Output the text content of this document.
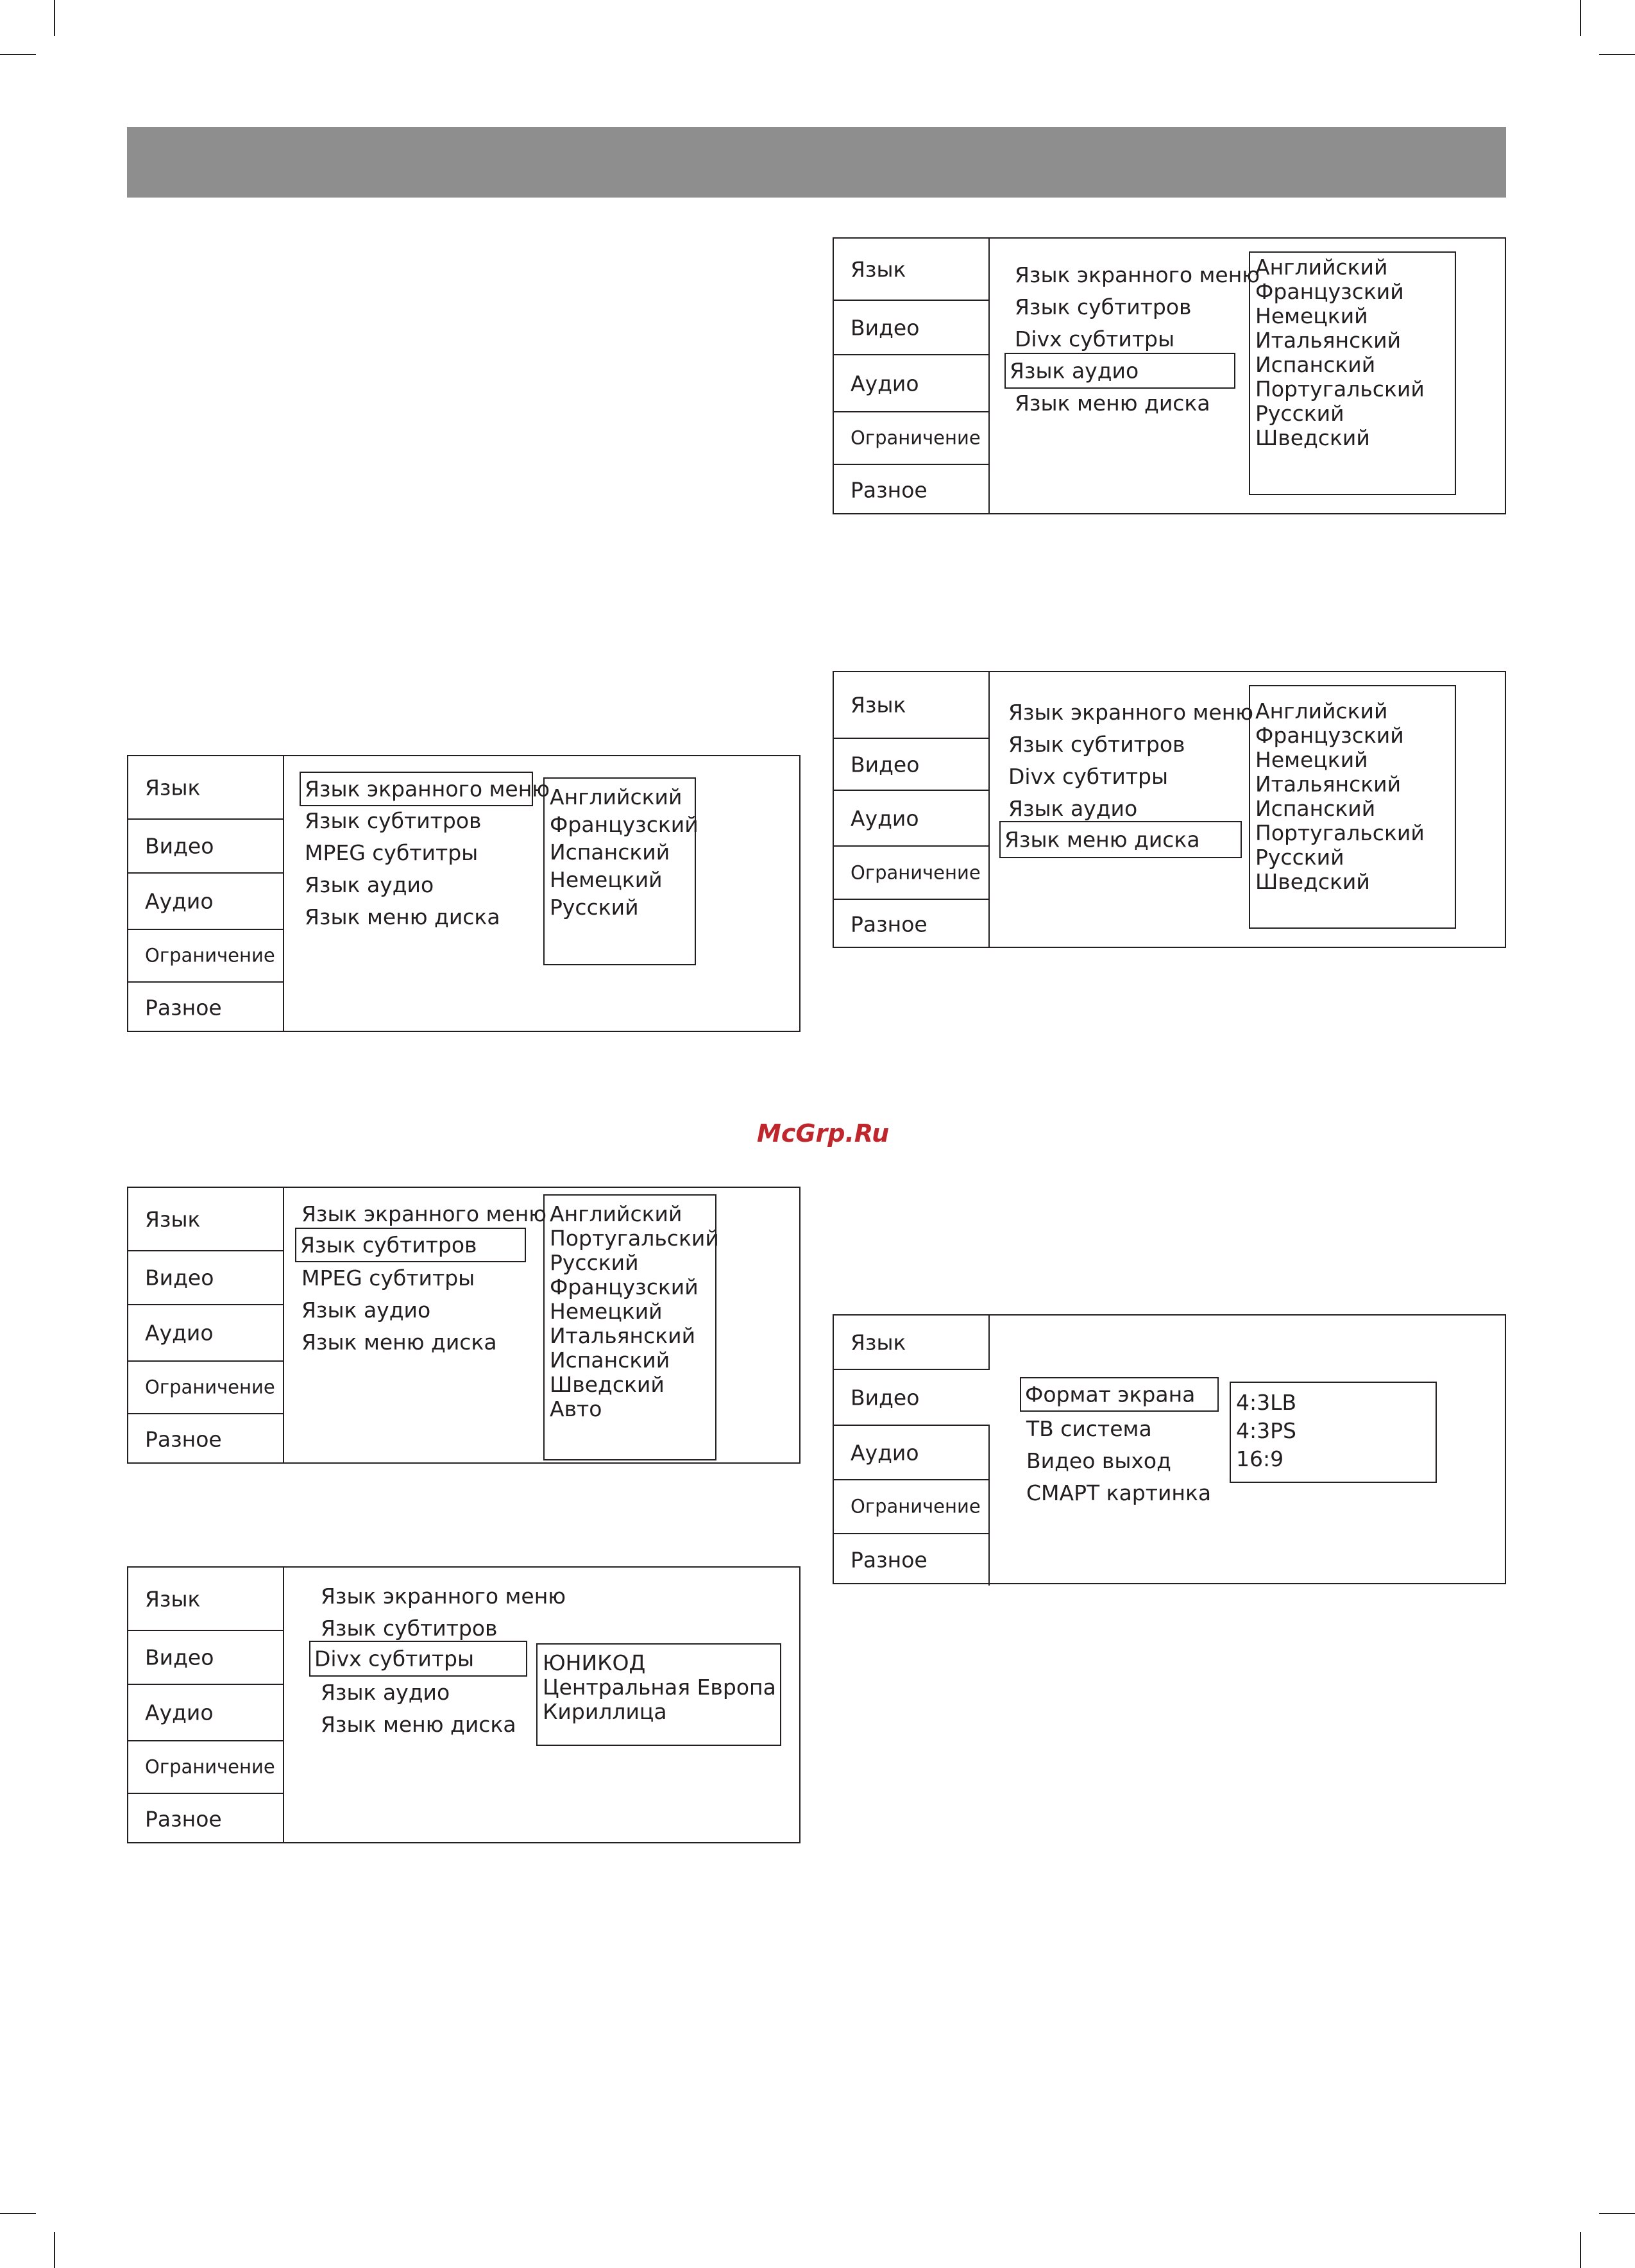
Язык
Видео
Аудио
Ограничение
Разное
Язык экранного меню
Язык субтитров
Divx субтитры
Язык аудио
Язык меню диска
Английский
Французский
Немецкий
Итальянский
Испанский
Португальский
Русский
Шведский
Язык
Видео
Аудио
Ограничение
Разное
Язык экранного меню
Язык субтитров
Divx субтитры
Язык аудио
Язык меню диска
Английский
Французский
Немецкий
Итальянский
Испанский
Португальский
Русский
Шведский
Язык
Видео
Аудио
Ограничение
Разное
Язык экранного меню
Язык субтитров
MPEG субтитры
Язык аудио
Язык меню диска
Английский
Французский
Испанский
Немецкий
Русский
McGrp.Ru
Язык
Видео
Аудио
Ограничение
Разное
Язык экранного меню
Язык субтитров
MPEG субтитры
Язык аудио
Язык меню диска
Английский
Португальский
Русский
Французский
Немецкий
Итальянский
Испанский
Шведский
Авто
Язык
Видео
Аудио
Ограничение
Разное
Формат экрана
ТВ система
Видео выход
СМАРТ картинка
4:3LB
4:3PS
16:9
Язык
Видео
Аудио
Ограничение
Разное
Язык экранного меню
Язык субтитров
Divx субтитры
Язык аудио
Язык меню диска
ЮНИКОД
Центральная Европа
Кириллица
